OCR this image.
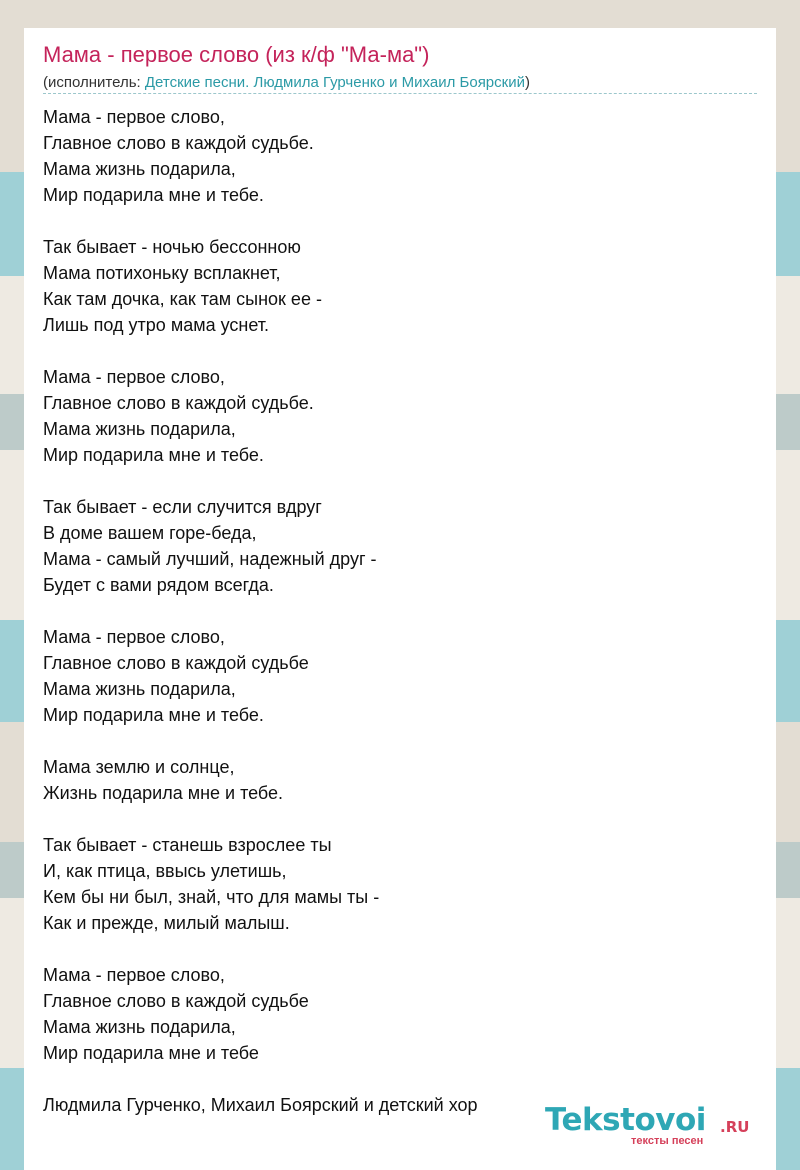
Мама - первое слово (из к/ф "Ма-ма")
(исполнитель: Детские песни. Людмила Гурченко и Михаил Боярский)
Мама - первое слово,
Главное слово в каждой судьбе.
Мама жизнь подарила,
Мир подарила мне и тебе.
Так бывает - ночью бессонною
Мама потихоньку всплакнет,
Как там дочка, как там сынок ее -
Лишь под утро мама уснет.
Мама - первое слово,
Главное слово в каждой судьбе.
Мама жизнь подарила,
Мир подарила мне и тебе.
Так бывает - если случится вдруг
В доме вашем горе-беда,
Мама - самый лучший, надежный друг -
Будет с вами рядом всегда.
Мама - первое слово,
Главное слово в каждой судьбе
Мама жизнь подарила,
Мир подарила мне и тебе.
Мама землю и солнце,
Жизнь подарила мне и тебе.
Так бывает - станешь взрослее ты
И, как птица, ввысь улетишь,
Кем бы ни был, знай, что для мамы ты -
Как и прежде, милый малыш.
Мама - первое слово,
Главное слово в каждой судьбе
Мама жизнь подарила,
Мир подарила мне и тебе
Людмила Гурченко, Михаил Боярский и детский хор	Tekstovoi .RU
тексты песен
